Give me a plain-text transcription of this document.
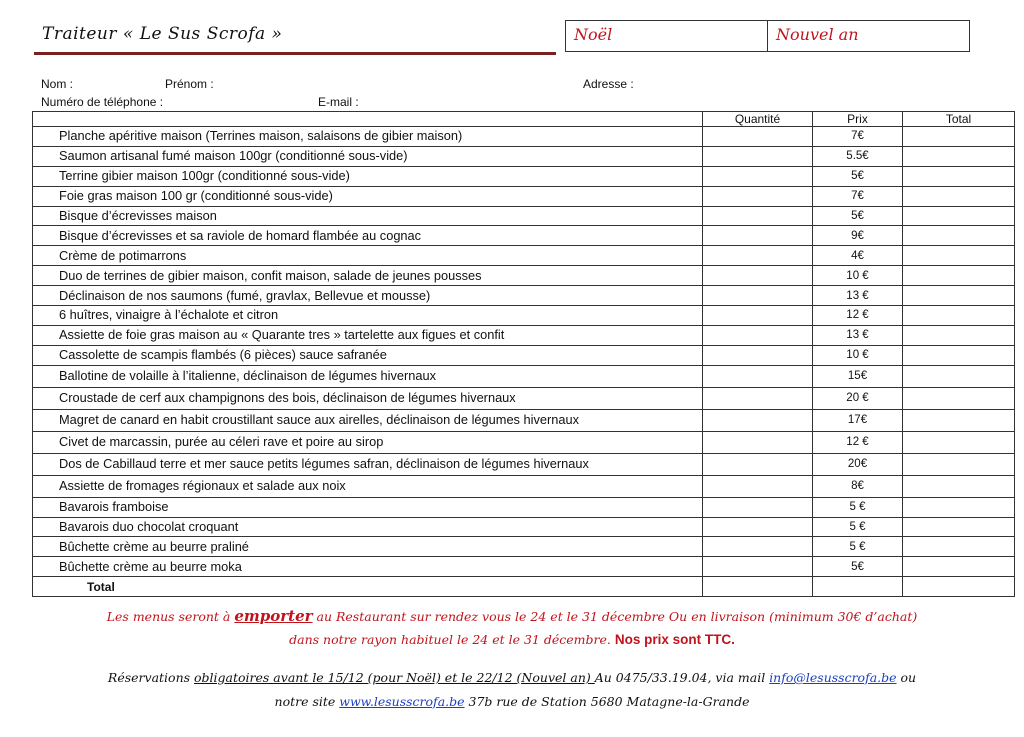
Traiteur « Le Sus Scrofa »	Noël	Nouvel an
Nom :	Prénom :	Adresse :
Numéro de téléphone :	E-mail :
	Quantité	Prix	Total
Planche apéritive maison (Terrines maison, salaisons de gibier maison)		7€	
Saumon artisanal fumé maison 100gr (conditionné sous-vide)		5.5€	
Terrine gibier maison 100gr (conditionné sous-vide)		5€	
Foie gras maison 100 gr (conditionné sous-vide)		7€	
Bisque d’écrevisses maison		5€	
Bisque d’écrevisses et sa raviole de homard flambée au cognac		9€	
Crème de potimarrons		4€	
Duo de terrines de gibier maison, confit maison, salade de jeunes pousses		10 €	
Déclinaison de nos saumons (fumé, gravlax, Bellevue et mousse)		13 €	
6 huîtres, vinaigre à l’échalote et citron		12 €	
Assiette de foie gras maison au « Quarante tres » tartelette aux figues et confit		13 €	
Cassolette de scampis flambés (6 pièces) sauce safranée		10 €	
Ballotine de volaille à l’italienne, déclinaison de légumes hivernaux		15€	
Croustade de cerf aux champignons des bois, déclinaison de légumes hivernaux		20 €	
Magret de canard en habit croustillant sauce aux airelles, déclinaison de légumes hivernaux		17€	
Civet de marcassin, purée au céleri rave et poire au sirop		12 €	
Dos de Cabillaud terre et mer sauce petits légumes safran, déclinaison de légumes hivernaux		20€	
Assiette de fromages régionaux et salade aux noix		8€	
Bavarois framboise		5 €	
Bavarois duo chocolat croquant		5 €	
Bûchette crème au beurre praliné		5 €	
Bûchette crème au beurre moka		5€	
Total			
Les menus seront à emporter au Restaurant sur rendez vous le 24 et le 31 décembre Ou en livraison (minimum 30€ d’achat)
dans notre rayon habituel le 24 et le 31 décembre. Nos prix sont TTC.
Réservations obligatoires avant le 15/12 (pour Noël) et le 22/12 (Nouvel an) Au 0475/33.19.04, via mail info@lesusscrofa.be ou
notre site www.lesusscrofa.be 37b rue de Station 5680 Matagne-la-Grande
